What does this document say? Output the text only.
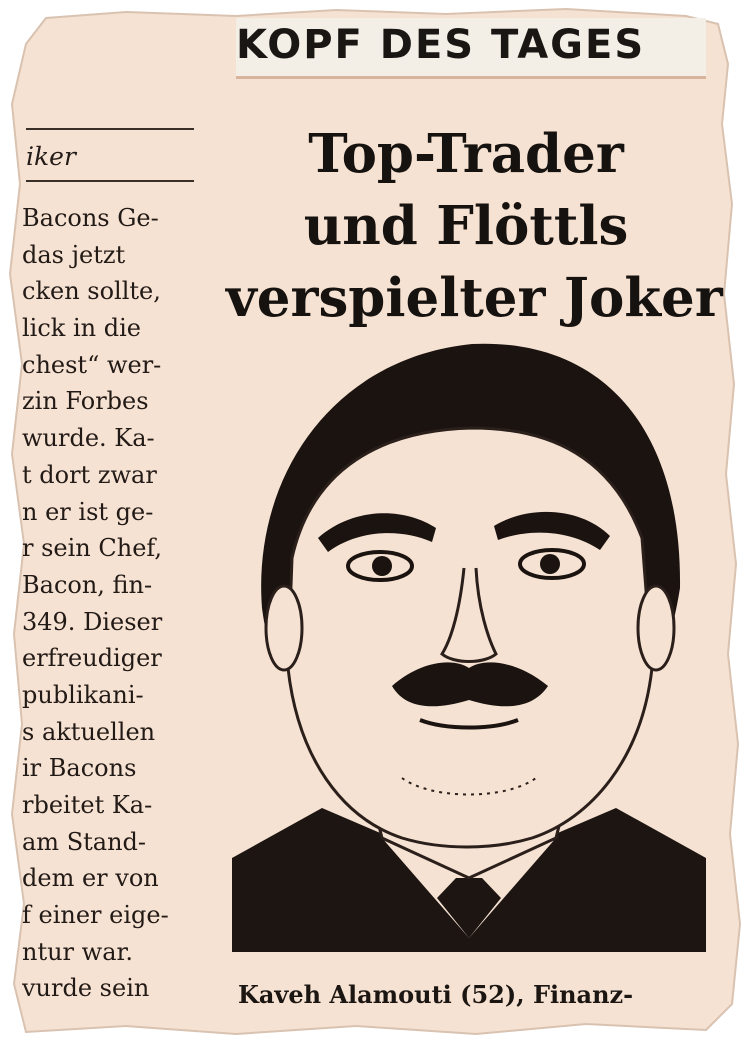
KOPF DES TAGES
iker
Bacons Ge-
das jetzt
cken sollte,
lick in die
chest“ wer-
zin Forbes
wurde. Ka-
t dort zwar
n er ist ge-
r sein Chef,
Bacon, fin-
349. Dieser
erfreudiger
publikani-
s aktuellen
ir Bacons
rbeitet Ka-
am Stand-
dem er von
f einer eige-
ntur war.
vurde sein
Top-Trader
und Flöttls
verspielter Joker
Kaveh Alamouti (52), Finanz-
